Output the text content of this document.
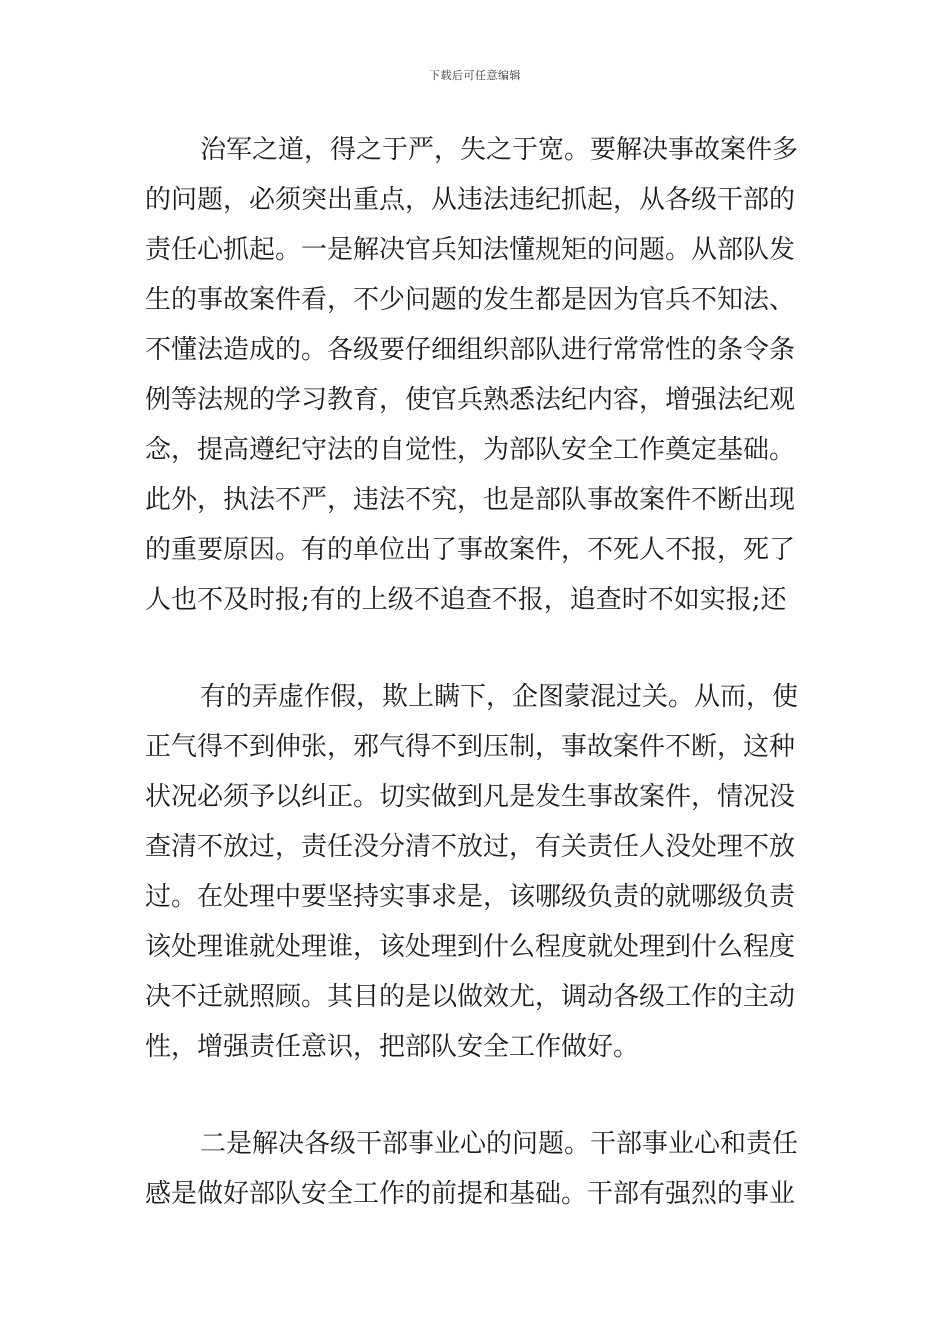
下载后可任意编辑
治军之道，得之于严，失之于宽。要解决事故案件多
的问题，必须突出重点，从违法违纪抓起，从各级干部的
责任心抓起。一是解决官兵知法懂规矩的问题。从部队发
生的事故案件看，不少问题的发生都是因为官兵不知法、
不懂法造成的。各级要仔细组织部队进行常常性的条令条
例等法规的学习教育，使官兵熟悉法纪内容，增强法纪观
念，提高遵纪守法的自觉性，为部队安全工作奠定基础。
此外，执法不严，违法不究，也是部队事故案件不断出现
的重要原因。有的单位出了事故案件，不死人不报，死了
人也不及时报;有的上级不追查不报，追查时不如实报;还
有的弄虚作假，欺上瞒下，企图蒙混过关。从而，使
正气得不到伸张，邪气得不到压制，事故案件不断，这种
状况必须予以纠正。切实做到凡是发生事故案件，情况没
查清不放过，责任没分清不放过，有关责任人没处理不放
过。在处理中要坚持实事求是，该哪级负责的就哪级负责
该处理谁就处理谁，该处理到什么程度就处理到什么程度
决不迁就照顾。其目的是以做效尤，调动各级工作的主动
性，增强责任意识，把部队安全工作做好。
二是解决各级干部事业心的问题。干部事业心和责任
感是做好部队安全工作的前提和基础。干部有强烈的事业
